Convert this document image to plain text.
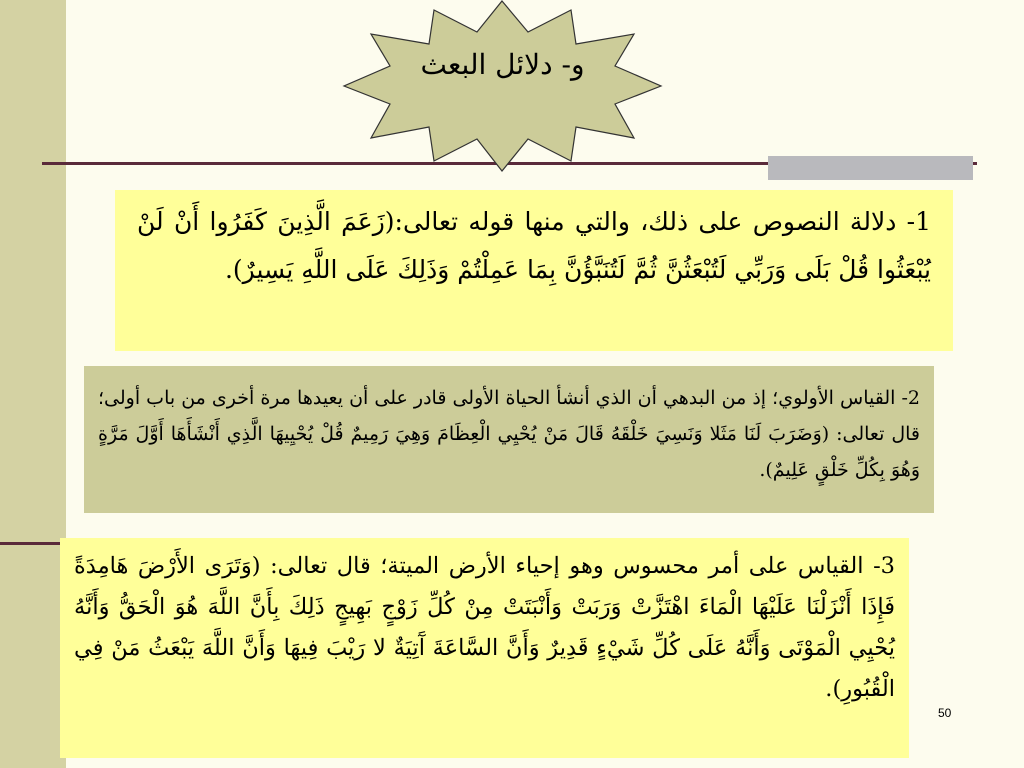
و- دلائل البعث
1- دلالة النصوص على ذلك، والتي منها قوله تعالى:(زَعَمَ الَّذِينَ كَفَرُوا أَنْ لَنْ يُبْعَثُوا قُلْ بَلَى وَرَبِّي لَتُبْعَثُنَّ ثُمَّ لَتُنَبَّؤُنَّ بِمَا عَمِلْتُمْ وَذَلِكَ عَلَى اللَّهِ يَسِيرٌ).
2- القياس الأولوي؛ إذ من البدهي أن الذي أنشأ الحياة الأولى قادر على أن يعيدها مرة أخرى من باب أولى؛ قال تعالى: (وَضَرَبَ لَنَا مَثَلا وَنَسِيَ خَلْقَهُ قَالَ مَنْ يُحْيِي الْعِظَامَ وَهِيَ رَمِيمٌ قُلْ يُحْيِيهَا الَّذِي أَنْشَأَهَا أَوَّلَ مَرَّةٍ وَهُوَ بِكُلِّ خَلْقٍ عَلِيمٌ).
3- القياس على أمر محسوس وهو إحياء الأرض الميتة؛ قال تعالى: (وَتَرَى الأَرْضَ هَامِدَةً فَإِذَا أَنْزَلْنَا عَلَيْهَا الْمَاءَ اهْتَزَّتْ وَرَبَتْ وَأَنْبَتَتْ مِنْ كُلِّ زَوْجٍ بَهِيجٍ ذَلِكَ بِأَنَّ اللَّهَ هُوَ الْحَقُّ وَأَنَّهُ يُحْيِي الْمَوْتَى وَأَنَّهُ عَلَى كُلِّ شَيْءٍ قَدِيرٌ وَأَنَّ السَّاعَةَ آَتِيَةٌ لا رَيْبَ فِيهَا وَأَنَّ اللَّهَ يَبْعَثُ مَنْ فِي الْقُبُورِ).
50
